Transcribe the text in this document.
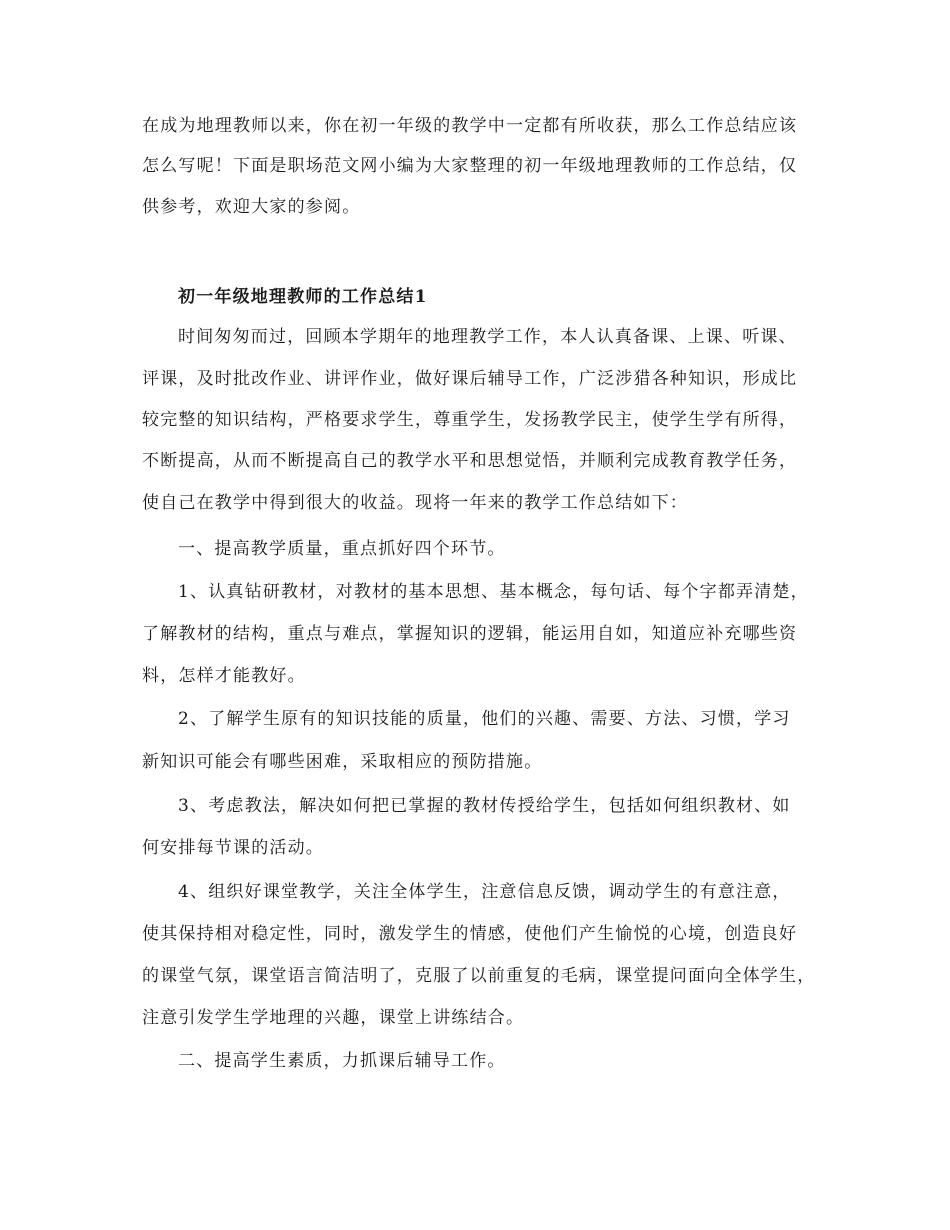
在成为地理教师以来，你在初一年级的教学中一定都有所收获，那么工作总结应该
怎么写呢！下面是职场范文网小编为大家整理的初一年级地理教师的工作总结，仅
供参考，欢迎大家的参阅。
初一年级地理教师的工作总结1
时间匆匆而过，回顾本学期年的地理教学工作，本人认真备课、上课、听课、
评课，及时批改作业、讲评作业，做好课后辅导工作，广泛涉猎各种知识，形成比
较完整的知识结构，严格要求学生，尊重学生，发扬教学民主，使学生学有所得，
不断提高，从而不断提高自己的教学水平和思想觉悟，并顺利完成教育教学任务，
使自己在教学中得到很大的收益。现将一年来的教学工作总结如下：
一、提高教学质量，重点抓好四个环节。
1、认真钻研教材，对教材的基本思想、基本概念，每句话、每个字都弄清楚，
了解教材的结构，重点与难点，掌握知识的逻辑，能运用自如，知道应补充哪些资
料，怎样才能教好。
2、了解学生原有的知识技能的质量，他们的兴趣、需要、方法、习惯，学习
新知识可能会有哪些困难，采取相应的预防措施。
3、考虑教法，解决如何把已掌握的教材传授给学生，包括如何组织教材、如
何安排每节课的活动。
4、组织好课堂教学，关注全体学生，注意信息反馈，调动学生的有意注意，
使其保持相对稳定性，同时，激发学生的情感，使他们产生愉悦的心境，创造良好
的课堂气氛，课堂语言简洁明了，克服了以前重复的毛病，课堂提问面向全体学生，
注意引发学生学地理的兴趣，课堂上讲练结合。
二、提高学生素质，力抓课后辅导工作。
